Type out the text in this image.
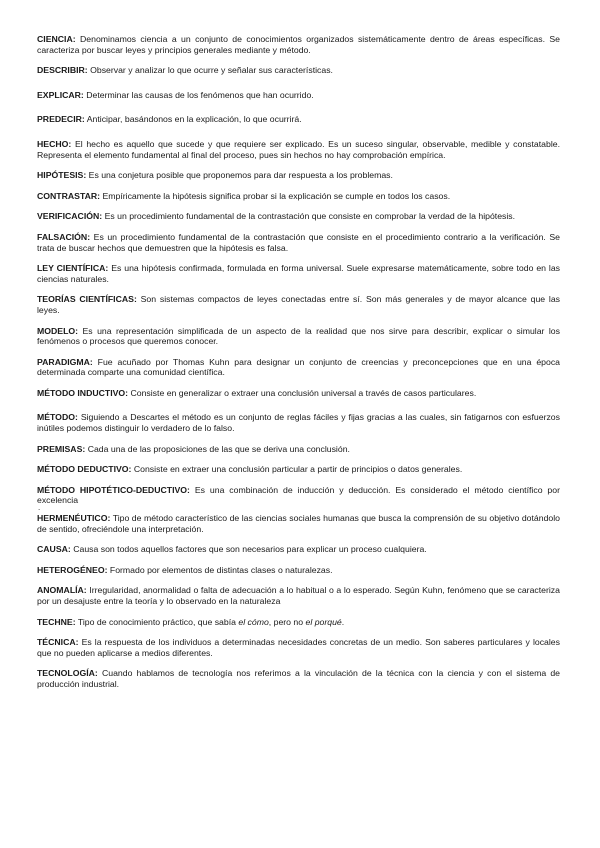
CIENCIA: Denominamos ciencia a un conjunto de conocimientos organizados sistemáticamente dentro de áreas específicas. Se caracteriza por buscar leyes y principios generales mediante y método.

DESCRIBIR: Observar y analizar lo que ocurre y señalar sus características.

EXPLICAR: Determinar las causas de los fenómenos que han ocurrido.

PREDECIR: Anticipar, basándonos en la explicación, lo que ocurrirá.

HECHO: El hecho es aquello que sucede y que requiere ser explicado. Es un suceso singular, observable, medible y constatable. Representa el elemento fundamental al final del proceso, pues sin hechos no hay comprobación empírica.

HIPÓTESIS: Es una conjetura posible que proponemos para dar respuesta a los problemas.

CONTRASTAR: Empíricamente la hipótesis significa probar si la explicación se cumple en todos los casos.

VERIFICACIÓN: Es un procedimiento fundamental de la contrastación que consiste en comprobar la verdad de la hipótesis.

FALSACIÓN: Es un procedimiento fundamental de la contrastación que consiste en el procedimiento contrario a la verificación. Se trata de buscar hechos que demuestren que la hipótesis es falsa.

LEY CIENTÍFICA: Es una hipótesis confirmada, formulada en forma universal. Suele expresarse matemáticamente, sobre todo en las ciencias naturales.

TEORÍAS CIENTÍFICAS: Son sistemas compactos de leyes conectadas entre sí. Son más generales y de mayor alcance que las leyes.

MODELO: Es una representación simplificada de un aspecto de la realidad que nos sirve para describir, explicar o simular los fenómenos o procesos que queremos conocer.

PARADIGMA: Fue acuñado por Thomas Kuhn para designar un conjunto de creencias y preconcepciones que en una época determinada comparte una comunidad científica.

MÉTODO INDUCTIVO: Consiste en generalizar o extraer una conclusión universal a través de casos particulares.

MÉTODO: Siguiendo a Descartes el método es un conjunto de reglas fáciles y fijas gracias a las cuales, sin fatigarnos con esfuerzos inútiles podemos distinguir lo verdadero de lo falso.

PREMISAS: Cada una de las proposiciones de las que se deriva una conclusión.

MÉTODO DEDUCTIVO: Consiste en extraer una conclusión particular a partir de principios o datos generales.

MÉTODO HIPOTÉTICO-DEDUCTIVO: Es una combinación de inducción y deducción. Es considerado el método científico por excelencia

.

HERMENÉUTICO: Tipo de método característico de las ciencias sociales humanas que busca la comprensión de su objetivo dotándolo de sentido, ofreciéndole una interpretación.

CAUSA: Causa son todos aquellos factores que son necesarios para explicar un proceso cualquiera.

HETEROGÉNEO: Formado por elementos de distintas clases o naturalezas.

ANOMALÍA: Irregularidad, anormalidad o falta de adecuación a lo habitual o a lo esperado. Según Kuhn, fenómeno que se caracteriza por un desajuste entre la teoría y lo observado en la naturaleza

TECHNE: Tipo de conocimiento práctico, que sabía el cómo, pero no el porqué.

TÉCNICA: Es la respuesta de los individuos a determinadas necesidades concretas de un medio. Son saberes particulares y locales que no pueden aplicarse a medios diferentes.

TECNOLOGÍA: Cuando hablamos de tecnología nos referimos a la vinculación de la técnica con la ciencia y con el sistema de producción industrial.
